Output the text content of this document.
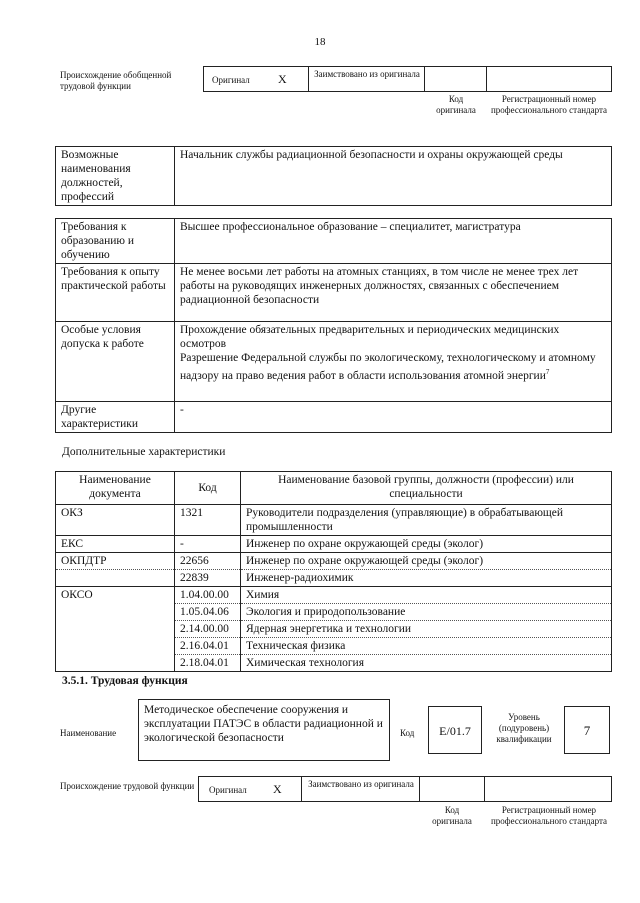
18
Происхождение обобщенной трудовой функции
Оригинал X	Заимствовано из оригинала
Код оригинала
Регистрационный номер профессионального стандарта
Возможные наименования должностей, профессий	Начальник службы радиационной безопасности и охраны окружающей среды
Требования к образованию и обучению	Высшее профессиональное образование – специалитет, магистратура
Требования к опыту практической работы	Не менее восьми лет работы на атомных станциях, в том числе не менее трех лет работы на руководящих инженерных должностях, связанных с обеспечением радиационной безопасности
Особые условия допуска к работе	Прохождение обязательных предварительных и периодических медицинских осмотров
Разрешение Федеральной службы по экологическому, технологическому и атомному надзору на право ведения работ в области использования атомной энергии$^7$

Другие характеристики	-
Дополнительные характеристики
Наименование документа	Код	Наименование базовой группы, должности (профессии) или специальности
ОКЗ	1321	Руководители подразделения (управляющие) в обрабатывающей промышленности
ЕКС	-	Инженер по охране окружающей среды (эколог)
ОКПДТР	22656	Инженер по охране окружающей среды (эколог)
	22839	Инженер-радиохимик
ОКСО	1.04.00.00	Химия
	1.05.04.06	Экология и природопользование
	2.14.00.00	Ядерная энергетика и технологии
	2.16.04.01	Техническая физика
	2.18.04.01	Химическая технология
3.5.1. Трудовая функция
Наименование
Методическое обеспечение сооружения и эксплуатации ПАТЭС в области радиационной и экологической безопасности	Код	E/01.7
Уровень (подуровень) квалификации
7
Происхождение трудовой функции Оригинал X	Заимствовано из оригинала
Код оригинала
Регистрационный номер профессионального стандарта
